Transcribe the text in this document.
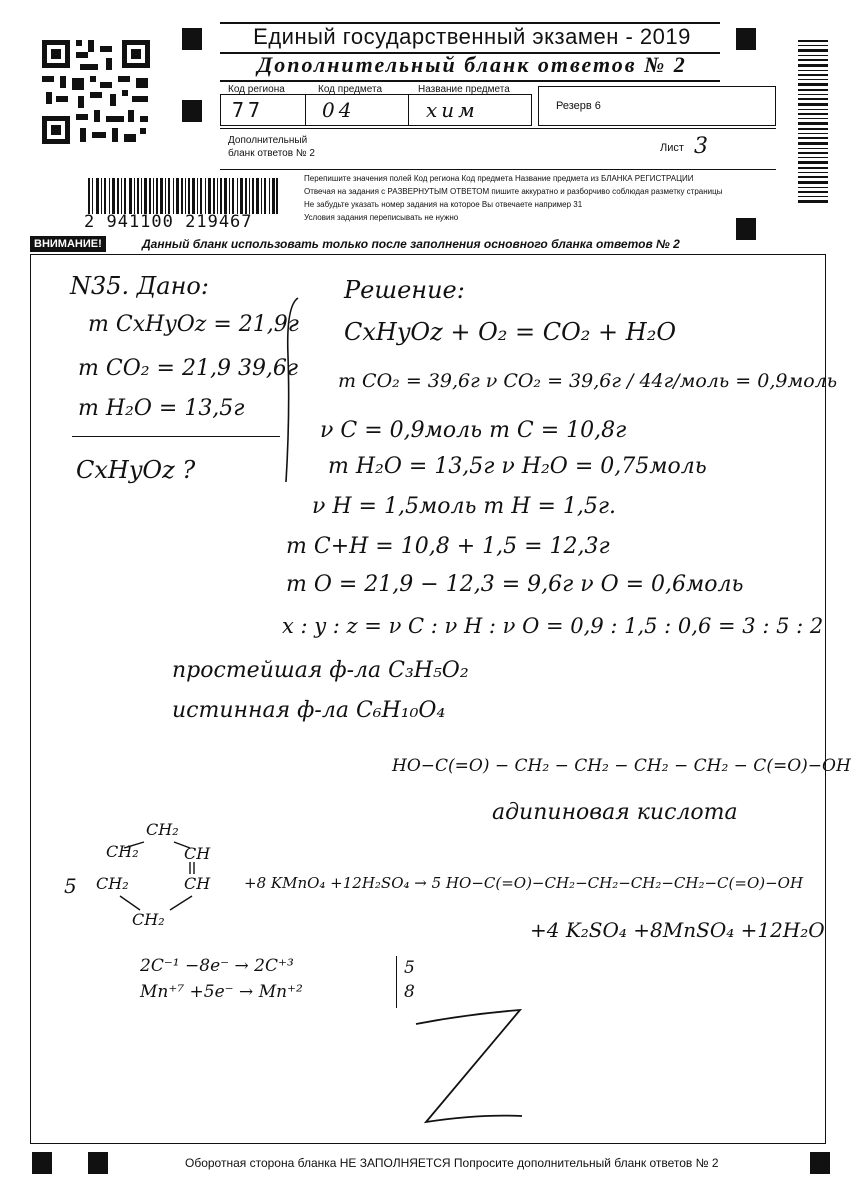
Единый государственный экзамен - 2019
Дополнительный бланк ответов № 2
Код региона	Код предмета	Название предмета
77	04	хим	Резерв 6
Дополнительный
бланк ответов № 2	Лист 3
Перепишите значения полей Код региона Код предмета Название предмета из БЛАНКА РЕГИСТРАЦИИ
Отвечая на задания с РАЗВЕРНУТЫМ ОТВЕТОМ пишите аккуратно и разборчиво соблюдая разметку страницы
Не забудьте указать номер задания на которое Вы отвечаете например 31
Условия задания переписывать не нужно
2 941100 219467
ВНИМАНИЕ!	Данный бланк использовать только после заполнения основного бланка ответов № 2
N35. Дано:
m CxHyOz = 21,9г
m CO₂ = 21,9 39,6г
m H₂O = 13,5г
CxHyOz ?
Решение:
CxHyOz + O₂ = CO₂ + H₂O
m CO₂ = 39,6г ν CO₂ = 39,6г / 44г/моль = 0,9моль
ν C = 0,9моль m C = 10,8г
m H₂O = 13,5г ν H₂O = 0,75моль
ν H = 1,5моль m H = 1,5г.
m C+H = 10,8 + 1,5 = 12,3г
m O = 21,9 − 12,3 = 9,6г ν O = 0,6моль
x : y : z = ν C : ν H : ν O = 0,9 : 1,5 : 0,6 = 3 : 5 : 2
простейшая ф-ла C₃H₅O₂
истинная ф-ла C₆H₁₀O₄
HO−C(=O) − CH₂ − CH₂ − CH₂ − CH₂ − C(=O)−OH
адипиновая кислота
CH₂
CH₂	CH
5 CH₂	CH
CH₂
+8 KMnO₄ +12H₂SO₄ → 5 HO−C(=O)−CH₂−CH₂−CH₂−CH₂−C(=O)−OH
+4 K₂SO₄ +8MnSO₄ +12H₂O
2C⁻¹ −8e⁻ → 2C⁺³
Mn⁺⁷ +5e⁻ → Mn⁺²
5
8
Оборотная сторона бланка НЕ ЗАПОЛНЯЕТСЯ Попросите дополнительный бланк ответов № 2
